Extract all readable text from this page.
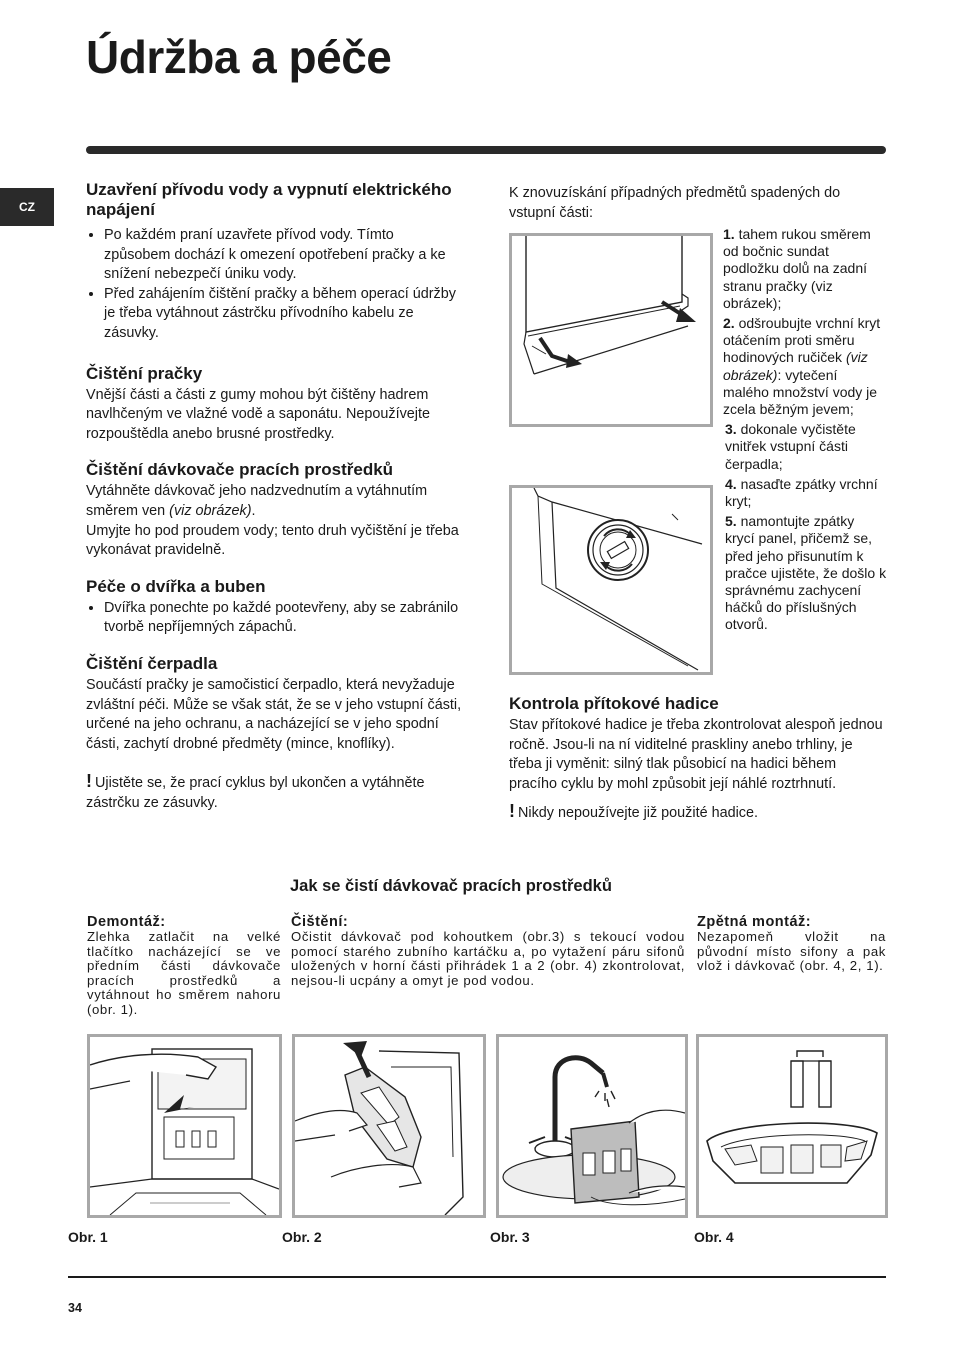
Údržba a péče
CZ
Uzavření přívodu vody a vypnutí elektrického napájení
• Po každém praní uzavřete přívod vody. Tímto způsobem dochází k omezení opotřebení pračky a ke snížení nebezpečí úniku vody.
• Před zahájením čištění pračky a během operací údržby je třeba vytáhnout zástrčku přívodního kabelu ze zásuvky.
Čištění pračky

Vnější části a části z gumy mohou být čištěny hadrem navlhčeným ve vlažné vodě a saponátu. Nepoužívejte rozpouštědla anebo brusné prostředky.

Čištění dávkovače pracích prostředků

Vytáhněte dávkovač jeho nadzvednutím a vytáhnutím směrem ven (viz obrázek).

Umyjte ho pod proudem vody; tento druh vyčištění je třeba vykonávat pravidelně.

Péče o dvířka a buben
• Dvířka ponechte po každé pootevřeny, aby se zabránilo tvorbě nepříjemných zápachů.
Čištění čerpadla

Součástí pračky je samočisticí čerpadlo, která nevyžaduje zvláštní péči. Může se však stát, že se v jeho vstupní části, určené na jeho ochranu, a nacházející se v jeho spodní části, zachytí drobné předměty (mince, knoflíky).

! Ujistěte se, že prací cyklus byl ukončen a vytáhněte zástrčku ze zásuvky.

K znovuzískání případných předmětů spadených do vstupní části:
1. tahem rukou směrem od bočnic sundat podložku dolů na zadní stranu pračky (viz obrázek);
2. odšroubujte vrchní kryt otáčením proti směru hodinových ručiček (viz obrázek): vytečení malého množství vody je zcela běžným jevem;
3. dokonale vyčistěte vnitřek vstupní části čerpadla;
4. nasaďte zpátky vrchní kryt;
5. namontujte zpátky krycí panel, přičemž se, před jeho přisunutím k pračce ujistěte, že došlo k správnému zachycení háčků do příslušných otvorů.
Kontrola přítokové hadice

Stav přítokové hadice je třeba zkontrolovat alespoň jednou ročně. Jsou-li na ní viditelné praskliny anebo trhliny, je třeba ji vyměnit: silný tlak působicí na hadici během pracího cyklu by mohl způsobit její náhlé roztrhnutí.

! Nikdy nepoužívejte již použité hadice.

Jak se čistí dávkovač pracích prostředků
Demontáž:

Zlehka zatlačit na velké tlačítko nacházející se ve předním části dávkovače pracích prostředků a vytáhnout ho směrem nahoru (obr. 1).

Čištění:

Očistit dávkovač pod kohoutkem (obr.3) s tekoucí vodou pomocí starého zubního kartáčku a, po vytažení páru sifonů uložených v horní části přihrádek 1 a 2 (obr. 4) zkontrolovat, nejsou-li ucpány a omyt je pod vodou.

Zpětná montáž:

Nezapomeň vložit na původní místo sifony a pak vlož i dávkovač (obr. 4, 2, 1).

Obr. 1	Obr. 2	Obr. 3	Obr. 4
34
